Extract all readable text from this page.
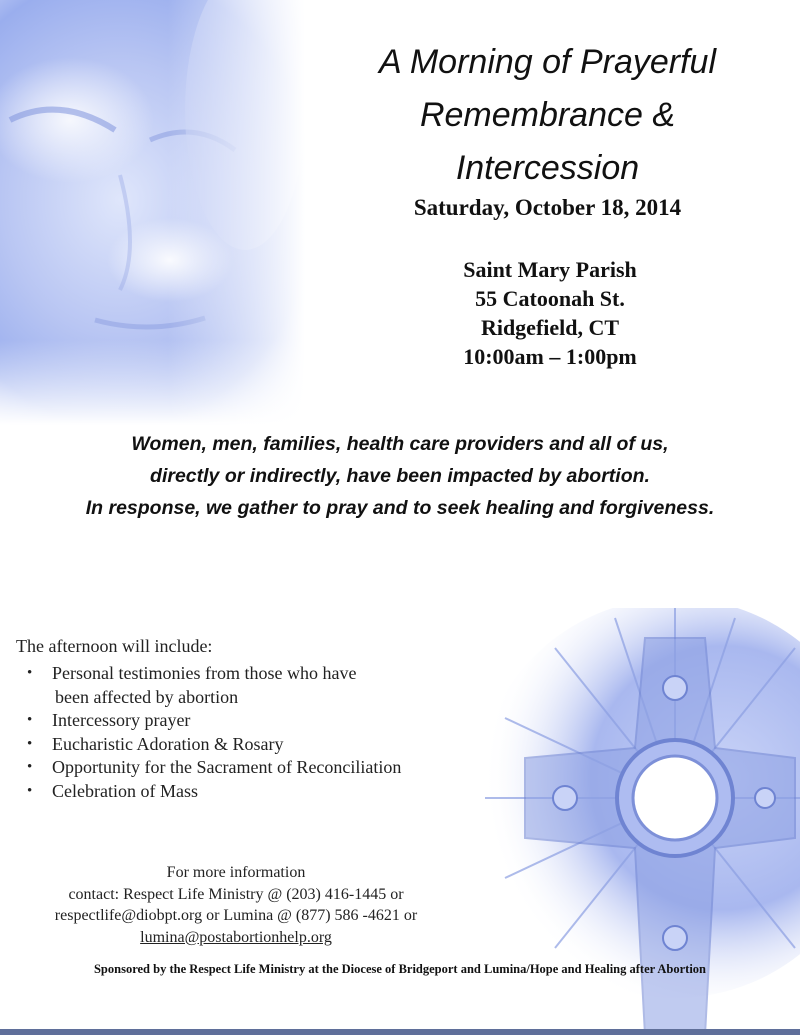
A Morning of Prayerful
Remembrance &
Intercession
Saturday, October 18, 2014
Saint Mary Parish
55 Catoonah St.
Ridgefield, CT
10:00am – 1:00pm
Women, men, families, health care providers and all of us,
directly or indirectly, have been impacted by abortion.
In response, we gather to pray and to seek healing and forgiveness.
The afternoon will include:
• Personal testimonies from those who have
been affected by abortion
• Intercessory prayer
• Eucharistic Adoration & Rosary
• Opportunity for the Sacrament of Reconciliation
• Celebration of Mass
For more information
contact: Respect Life Ministry @ (203) 416-1445 or
respectlife@diobpt.org or Lumina @ (877) 586 -4621 or
lumina@postabortionhelp.org
Sponsored by the Respect Life Ministry at the Diocese of Bridgeport and Lumina/Hope and Healing after Abortion
